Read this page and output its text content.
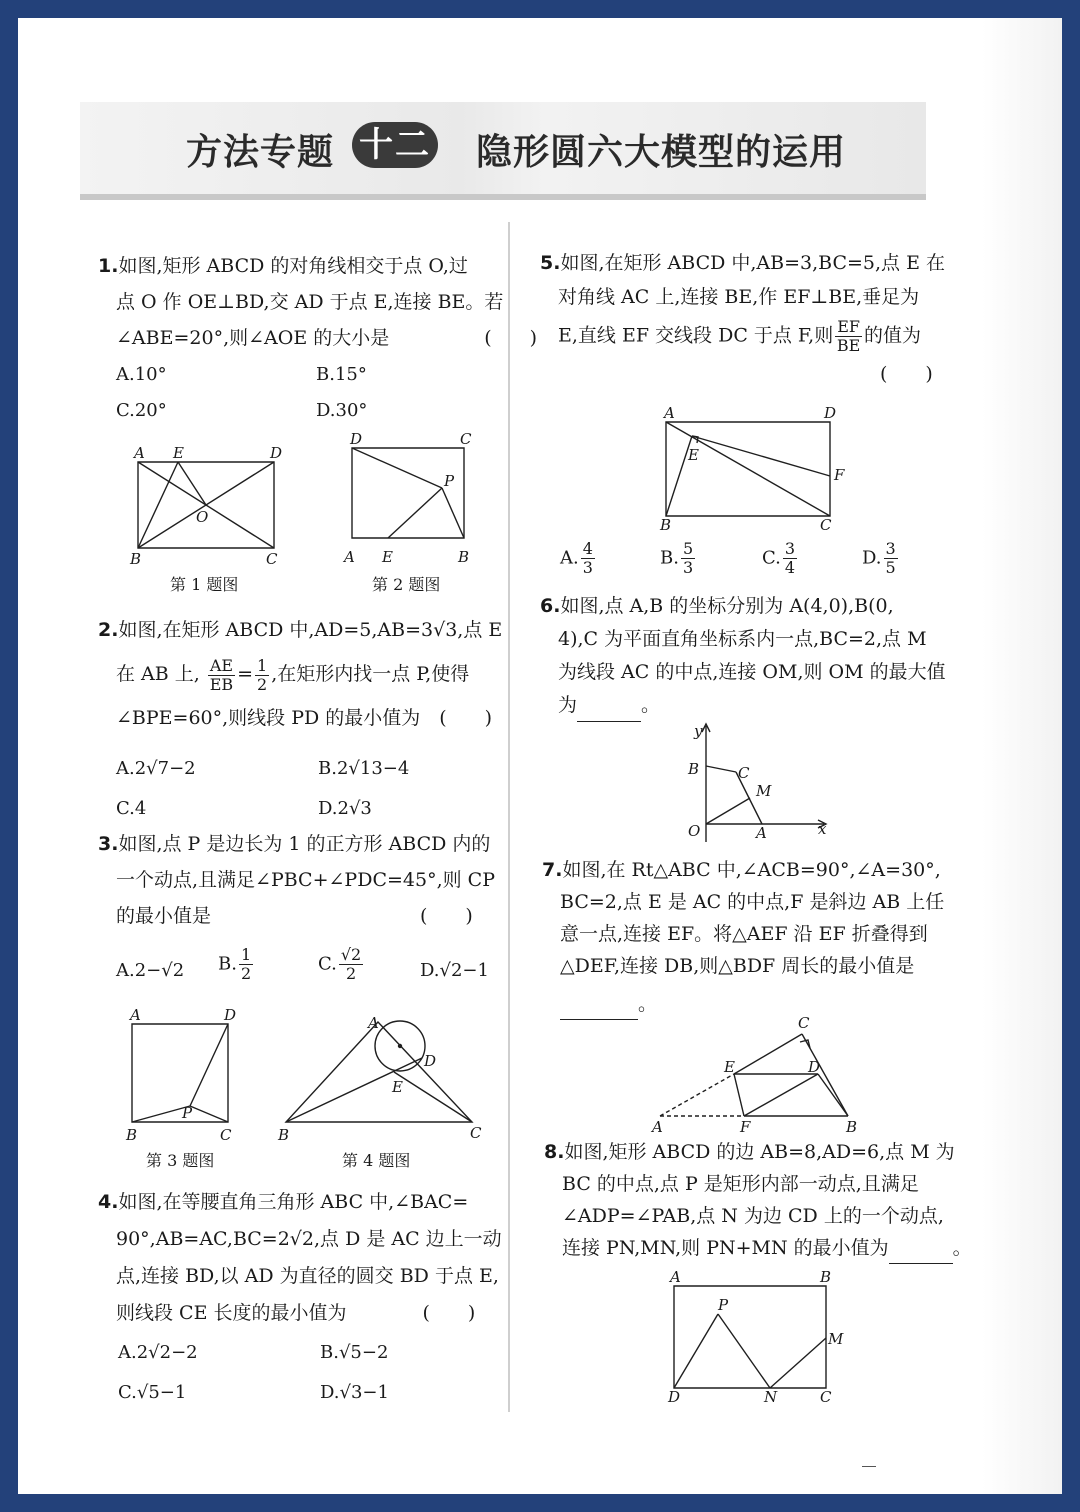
方法专题 十二 隐形圆六大模型的运用
1.如图,矩形 ABCD 的对角线相交于点 O,过
点 O 作 OE⊥BD,交 AD 于点 E,连接 BE。若
∠ABE=20°,则∠AOE 的大小是　　　　　(　　)
A.10°	B.15°
C.20°	D.30°
A E	D
O
B	C
第 1 题图
D	C
P
A E	B
第 2 题图
2.如图,在矩形 ABCD 中,AD=5,AB=3√3,点 E
在 AB 上, $\frac{AE}{EB} = \frac{1}{2}$ ,在矩形内找一点 P,使得
∠BPE=60°,则线段 PD 的最小值为　(　　)
A.2√7−2	B.2√13−4
C.4	D.2√3
3.如图,点 P 是边长为 1 的正方形 ABCD 内的
一个动点,且满足∠PBC+∠PDC=45°,则 CP
的最小值是　　　　　　　　　　　(　　)
A.2−√2 B. $\frac{1}{2}$	C. $\frac{√2}{2}$	D.√2−1
A	D
P
B	C
第 3 题图
A
D
E
B	C
第 4 题图
4.如图,在等腰直角三角形 ABC 中,∠BAC=
90°,AB=AC,BC=2√2,点 D 是 AC 边上一动
点,连接 BD,以 AD 为直径的圆交 BD 于点 E,
则线段 CE 长度的最小值为　　　　(　　)
A.2√2−2	B.√5−2
C.√5−1	D.√3−1
5.如图,在矩形 ABCD 中,AB=3,BC=5,点 E 在
对角线 AC 上,连接 BE,作 EF⊥BE,垂足为
E,直线 EF 交线段 DC 于点 F,则 $\frac{EF}{BE}$ 的值为
(　　)
A	D
E
F
B	C
A. $\frac{4}{3}$	B. $\frac{5}{3}$	C. $\frac{3}{4}$	D. $\frac{3}{5}$
6.如图,点 A,B 的坐标分别为 A(4,0),B(0,
4),C 为平面直角坐标系内一点,BC=2,点 M
为线段 AC 的中点,连接 OM,则 OM 的最大值
为	。
y
B	C
M
O	A	x
7.如图,在 Rt△ABC 中,∠ACB=90°,∠A=30°,
BC=2,点 E 是 AC 的中点,F 是斜边 AB 上任
意一点,连接 EF。将△AEF 沿 EF 折叠得到
△DEF,连接 DB,则△BDF 周长的最小值是
。
C
E	D
A	F	B
8.如图,矩形 ABCD 的边 AB=8,AD=6,点 M 为
BC 的中点,点 P 是矩形内部一动点,且满足
∠ADP=∠PAB,点 N 为边 CD 上的一个动点,
连接 PN,MN,则 PN+MN 的最小值为	。
A	B
P
M
D	N	C
